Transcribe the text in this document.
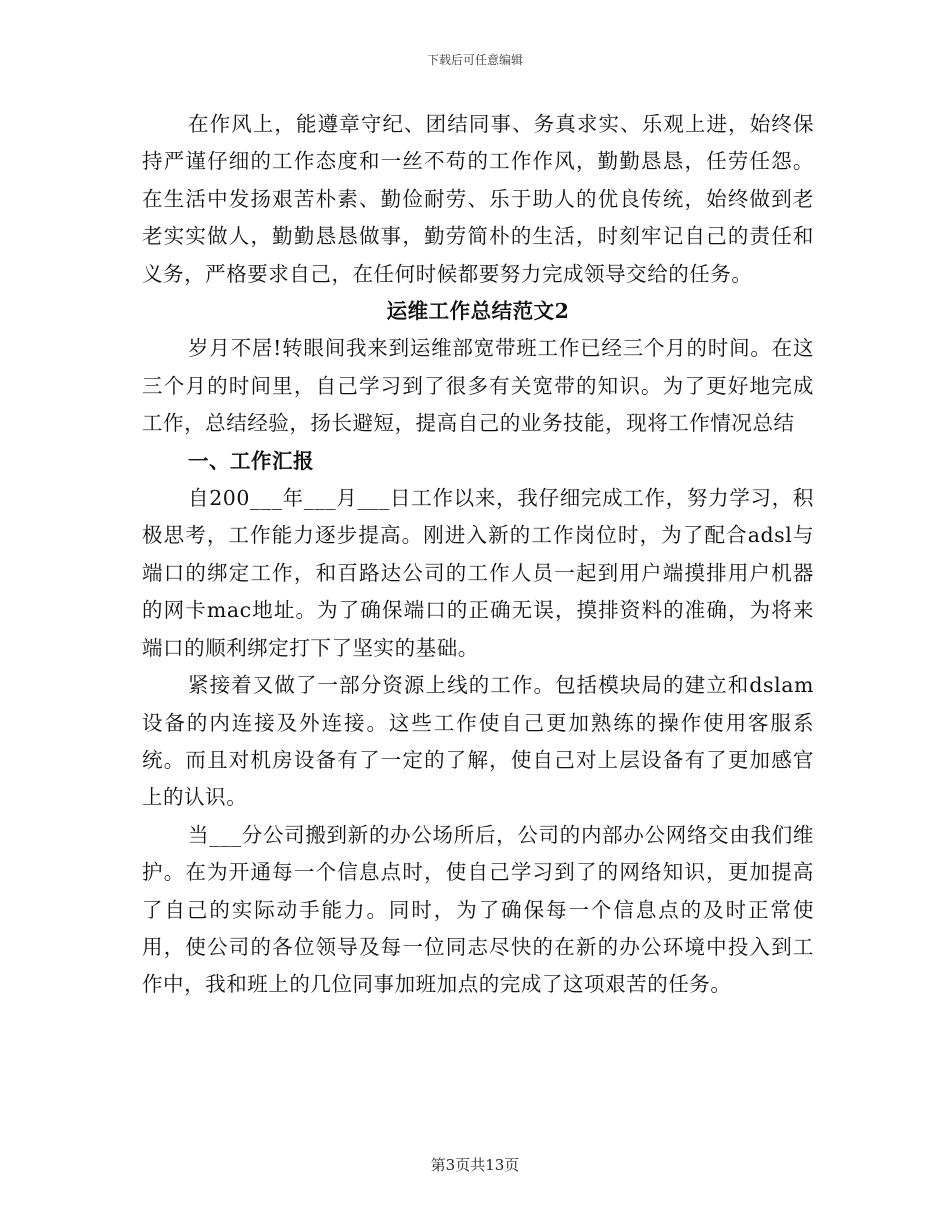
下载后可任意编辑

在作风上，能遵章守纪、团结同事、务真求实、乐观上进，始终保持严谨仔细的工作态度和一丝不苟的工作作风，勤勤恳恳，任劳任怨。在生活中发扬艰苦朴素、勤俭耐劳、乐于助人的优良传统，始终做到老老实实做人，勤勤恳恳做事，勤劳简朴的生活，时刻牢记自己的责任和义务，严格要求自己，在任何时候都要努力完成领导交给的任务。

运维工作总结范文2

岁月不居!转眼间我来到运维部宽带班工作已经三个月的时间。在这三个月的时间里，自己学习到了很多有关宽带的知识。为了更好地完成工作，总结经验，扬长避短，提高自己的业务技能，现将工作情况总结

一、工作汇报

自200___年___月___日工作以来，我仔细完成工作，努力学习，积极思考，工作能力逐步提高。刚进入新的工作岗位时，为了配合adsl与端口的绑定工作，和百路达公司的工作人员一起到用户端摸排用户机器的网卡mac地址。为了确保端口的正确无误，摸排资料的准确，为将来端口的顺利绑定打下了坚实的基础。

紧接着又做了一部分资源上线的工作。包括模块局的建立和dslam设备的内连接及外连接。这些工作使自己更加熟练的操作使用客服系统。而且对机房设备有了一定的了解，使自己对上层设备有了更加感官上的认识。

当___分公司搬到新的办公场所后，公司的内部办公网络交由我们维护。在为开通每一个信息点时，使自己学习到了的网络知识，更加提高了自己的实际动手能力。同时，为了确保每一个信息点的及时正常使用，使公司的各位领导及每一位同志尽快的在新的办公环境中投入到工作中，我和班上的几位同事加班加点的完成了这项艰苦的任务。

第3页共13页
